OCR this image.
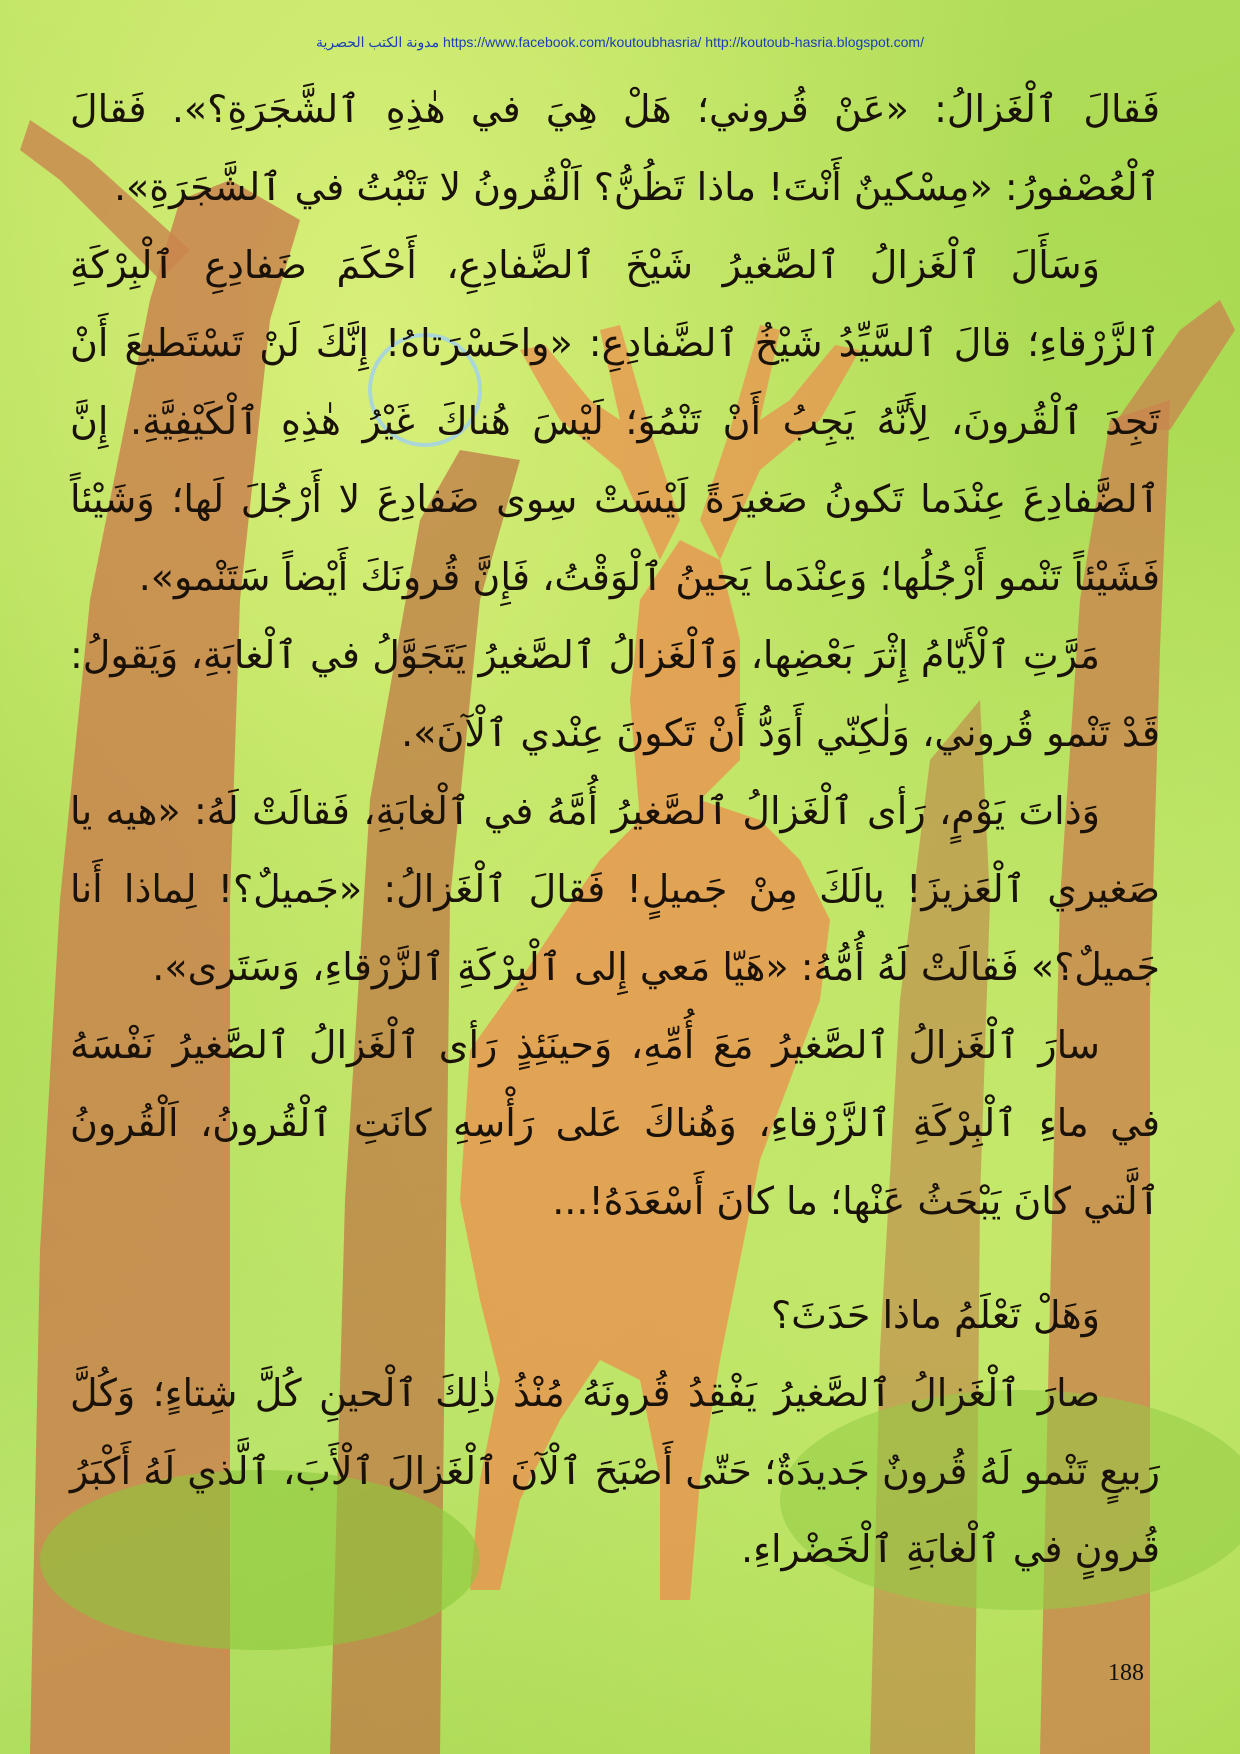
مدونة الكتب الحصرية https://www.facebook.com/koutoubhasria/ http://koutoub-hasria.blogspot.com/

فَقالَ ٱلْغَزالُ: «عَنْ قُروني؛ هَلْ هِيَ في هٰذِهِ ٱلشَّجَرَةِ؟». فَقالَ ٱلْعُصْفورُ: «مِسْكينٌ أَنْتَ! ماذا تَظُنُّ؟ اَلْقُرونُ لا تَنْبُتُ في ٱلشَّجَرَةِ».

وَسَأَلَ ٱلْغَزالُ ٱلصَّغيرُ شَيْخَ ٱلضَّفادِعِ، أَحْكَمَ ضَفادِعِ ٱلْبِرْكَةِ ٱلزَّرْقاءِ؛ قالَ ٱلسَّيِّدُ شَيْخُ ٱلضَّفادِعِ: «واحَسْرَتاهُ! إِنَّكَ لَنْ تَسْتَطيعَ أَنْ تَجِدَ ٱلْقُرونَ، لِأَنَّهُ يَجِبُ أَنْ تَنْمُوَ؛ لَيْسَ هُناكَ غَيْرُ هٰذِهِ ٱلْكَيْفِيَّةِ. إِنَّ ٱلضَّفادِعَ عِنْدَما تَكونُ صَغيرَةً لَيْسَتْ سِوى ضَفادِعَ لا أَرْجُلَ لَها؛ وَشَيْئاً فَشَيْئاً تَنْمو أَرْجُلُها؛ وَعِنْدَما يَحينُ ٱلْوَقْتُ، فَإِنَّ قُرونَكَ أَيْضاً سَتَنْمو».

مَرَّتِ ٱلْأَيّامُ إِثْرَ بَعْضِها، وَٱلْغَزالُ ٱلصَّغيرُ يَتَجَوَّلُ في ٱلْغابَةِ، وَيَقولُ: قَدْ تَنْمو قُروني، وَلٰكِنّي أَوَدُّ أَنْ تَكونَ عِنْدي ٱلْآنَ».

وَذاتَ يَوْمٍ، رَأى ٱلْغَزالُ ٱلصَّغيرُ أُمَّهُ في ٱلْغابَةِ، فَقالَتْ لَهُ: «هيه يا صَغيري ٱلْعَزيزَ! يالَكَ مِنْ جَميلٍ! فَقالَ ٱلْغَزالُ: «جَميلٌ؟! لِماذا أَنا جَميلٌ؟» فَقالَتْ لَهُ أُمُّهُ: «هَيّا مَعي إِلى ٱلْبِرْكَةِ ٱلزَّرْقاءِ، وَسَتَرى».

سارَ ٱلْغَزالُ ٱلصَّغيرُ مَعَ أُمِّهِ، وَحينَئِذٍ رَأى ٱلْغَزالُ ٱلصَّغيرُ نَفْسَهُ في ماءِ ٱلْبِرْكَةِ ٱلزَّرْقاءِ، وَهُناكَ عَلى رَأْسِهِ كانَتِ ٱلْقُرونُ، اَلْقُرونُ ٱلَّتي كانَ يَبْحَثُ عَنْها؛ ما كانَ أَسْعَدَهُ!...

وَهَلْ تَعْلَمُ ماذا حَدَثَ؟

صارَ ٱلْغَزالُ ٱلصَّغيرُ يَفْقِدُ قُرونَهُ مُنْذُ ذٰلِكَ ٱلْحينِ كُلَّ شِتاءٍ؛ وَكُلَّ رَبيعٍ تَنْمو لَهُ قُرونٌ جَديدَةٌ؛ حَتّى أَصْبَحَ ٱلْآنَ ٱلْغَزالَ ٱلْأَبَ، ٱلَّذي لَهُ أَكْبَرُ قُرونٍ في ٱلْغابَةِ ٱلْخَضْراءِ.

188
